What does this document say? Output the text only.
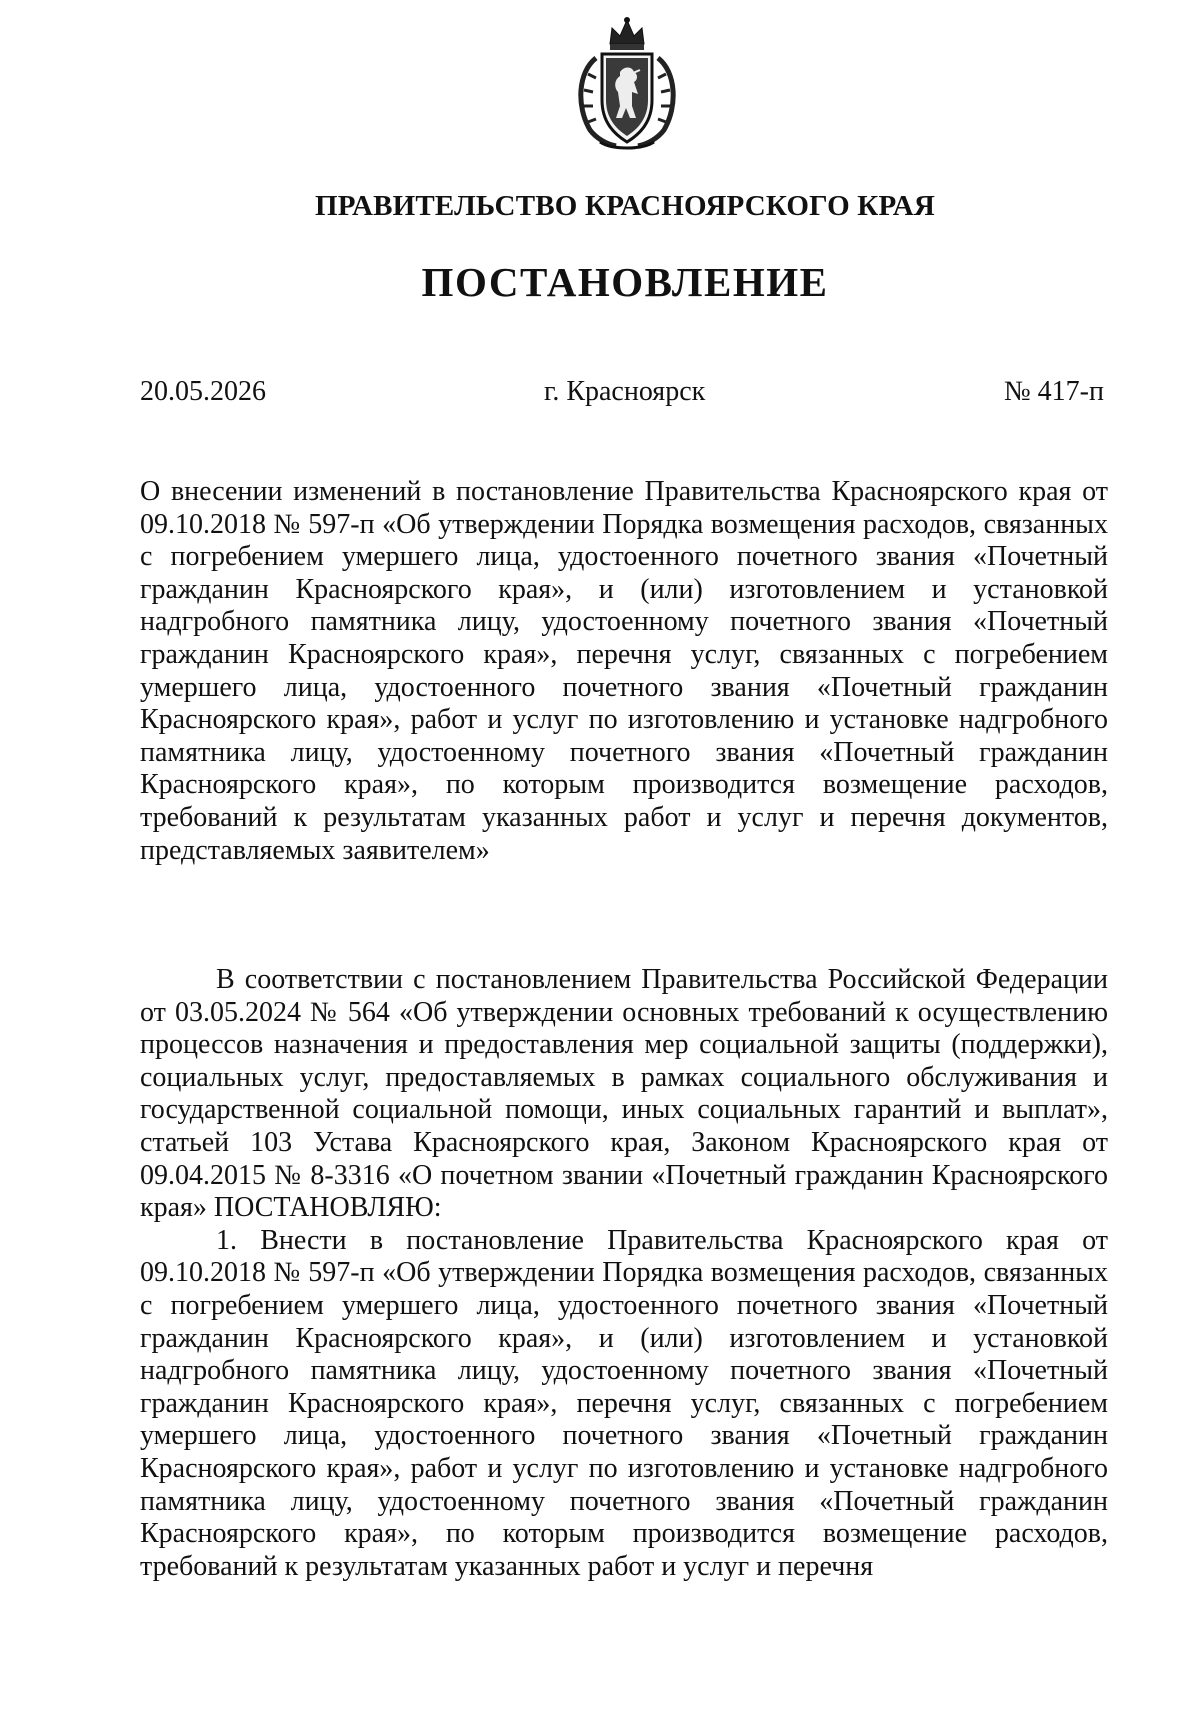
ПРАВИТЕЛЬСТВО КРАСНОЯРСКОГО КРАЯ
ПОСТАНОВЛЕНИЕ
20.05.2026	г. Красноярск	№ 417-п

О внесении изменений в постановление Правительства Красноярского края от 09.10.2018 № 597-п «Об утверждении Порядка возмещения расходов, связанных с погребением умершего лица, удостоенного почетного звания «Почетный гражданин Красноярского края», и (или) изготовлением и установкой надгробного памятника лицу, удостоенному почетного звания «Почетный гражданин Красноярского края», перечня услуг, связанных с погребением умершего лица, удостоенного почетного звания «Почетный гражданин Красноярского края», работ и услуг по изготовлению и установке надгробного памятника лицу, удостоенному почетного звания «Почетный гражданин Красноярского края», по которым производится возмещение расходов, требований к результатам указанных работ и услуг и перечня документов, представляемых заявителем»

В соответствии с постановлением Правительства Российской Федерации от 03.05.2024 № 564 «Об утверждении основных требований к осуществлению процессов назначения и предоставления мер социальной защиты (поддержки), социальных услуг, предоставляемых в рамках социального обслуживания и государственной социальной помощи, иных социальных гарантий и выплат», статьей 103 Устава Красноярского края, Законом Красноярского края от 09.04.2015 № 8-3316 «О почетном звании «Почетный гражданин Красноярского края» ПОСТАНОВЛЯЮ:

1. Внести в постановление Правительства Красноярского края от 09.10.2018 № 597-п «Об утверждении Порядка возмещения расходов, связанных с погребением умершего лица, удостоенного почетного звания «Почетный гражданин Красноярского края», и (или) изготовлением и установкой надгробного памятника лицу, удостоенному почетного звания «Почетный гражданин Красноярского края», перечня услуг, связанных с погребением умершего лица, удостоенного почетного звания «Почетный гражданин Красноярского края», работ и услуг по изготовлению и установке надгробного памятника лицу, удостоенному почетного звания «Почетный гражданин Красноярского края», по которым производится возмещение расходов, требований к результатам указанных работ и услуг и перечня
